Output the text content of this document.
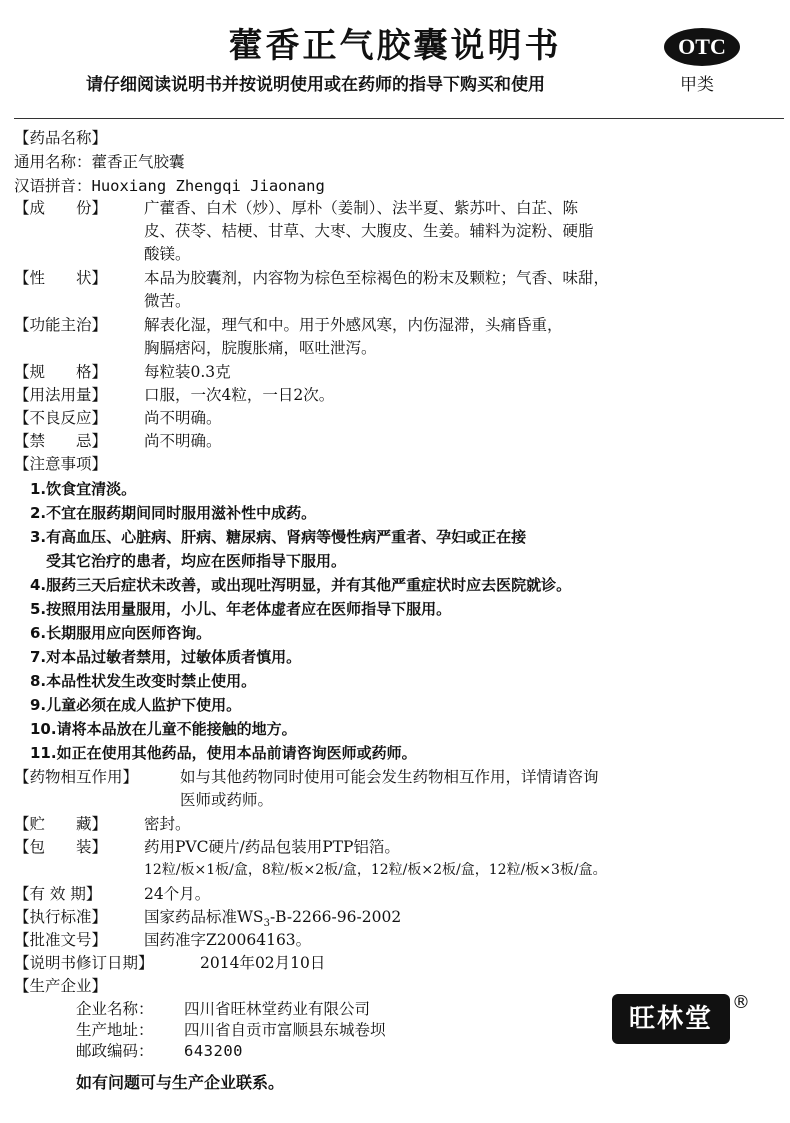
藿香正气胶囊说明书	OTC
请仔细阅读说明书并按说明使用或在药师的指导下购买和使用	甲类
【药品名称】
通用名称：藿香正气胶囊
汉语拼音：Huoxiang Zhengqi Jiaonang
【成　　份】 广藿香、白术（炒）、厚朴（姜制）、法半夏、紫苏叶、白芷、陈
皮、茯苓、桔梗、甘草、大枣、大腹皮、生姜。辅料为淀粉、硬脂
酸镁。
【性　　状】 本品为胶囊剂，内容物为棕色至棕褐色的粉末及颗粒；气香、味甜，
微苦。
【功能主治】 解表化湿，理气和中。用于外感风寒，内伤湿滞，头痛昏重，
胸膈痞闷，脘腹胀痛，呕吐泄泻。
【规　　格】 每粒装0.3克
【用法用量】 口服，一次4粒，一日2次。
【不良反应】 尚不明确。
【禁　　忌】 尚不明确。
【注意事项】
1.饮食宜清淡。
2.不宜在服药期间同时服用滋补性中成药。
3.有高血压、心脏病、肝病、糖尿病、肾病等慢性病严重者、孕妇或正在接
受其它治疗的患者，均应在医师指导下服用。
4.服药三天后症状未改善，或出现吐泻明显，并有其他严重症状时应去医院就诊。
5.按照用法用量服用，小儿、年老体虚者应在医师指导下服用。
6.长期服用应向医师咨询。
7.对本品过敏者禁用，过敏体质者慎用。
8.本品性状发生改变时禁止使用。
9.儿童必须在成人监护下使用。
10.请将本品放在儿童不能接触的地方。
11.如正在使用其他药品，使用本品前请咨询医师或药师。
【药物相互作用】	如与其他药物同时使用可能会发生药物相互作用，详情请咨询
医师或药师。
【贮　　藏】 密封。
【包　　装】 药用PVC硬片/药品包装用PTP铝箔。
12粒/板×1板/盒，8粒/板×2板/盒，12粒/板×2板/盒，12粒/板×3板/盒。
【有 效 期】	24个月。
【执行标准】 国家药品标准$WS_3-B-2266-96-2002$
【批准文号】 国药准字Z20064163。
【说明书修订日期】	2014年02月10日
【生产企业】
企业名称： 四川省旺林堂药业有限公司
生产地址： 四川省自贡市富顺县东城卷坝
邮政编码： 643200
旺林堂
®
如有问题可与生产企业联系。
